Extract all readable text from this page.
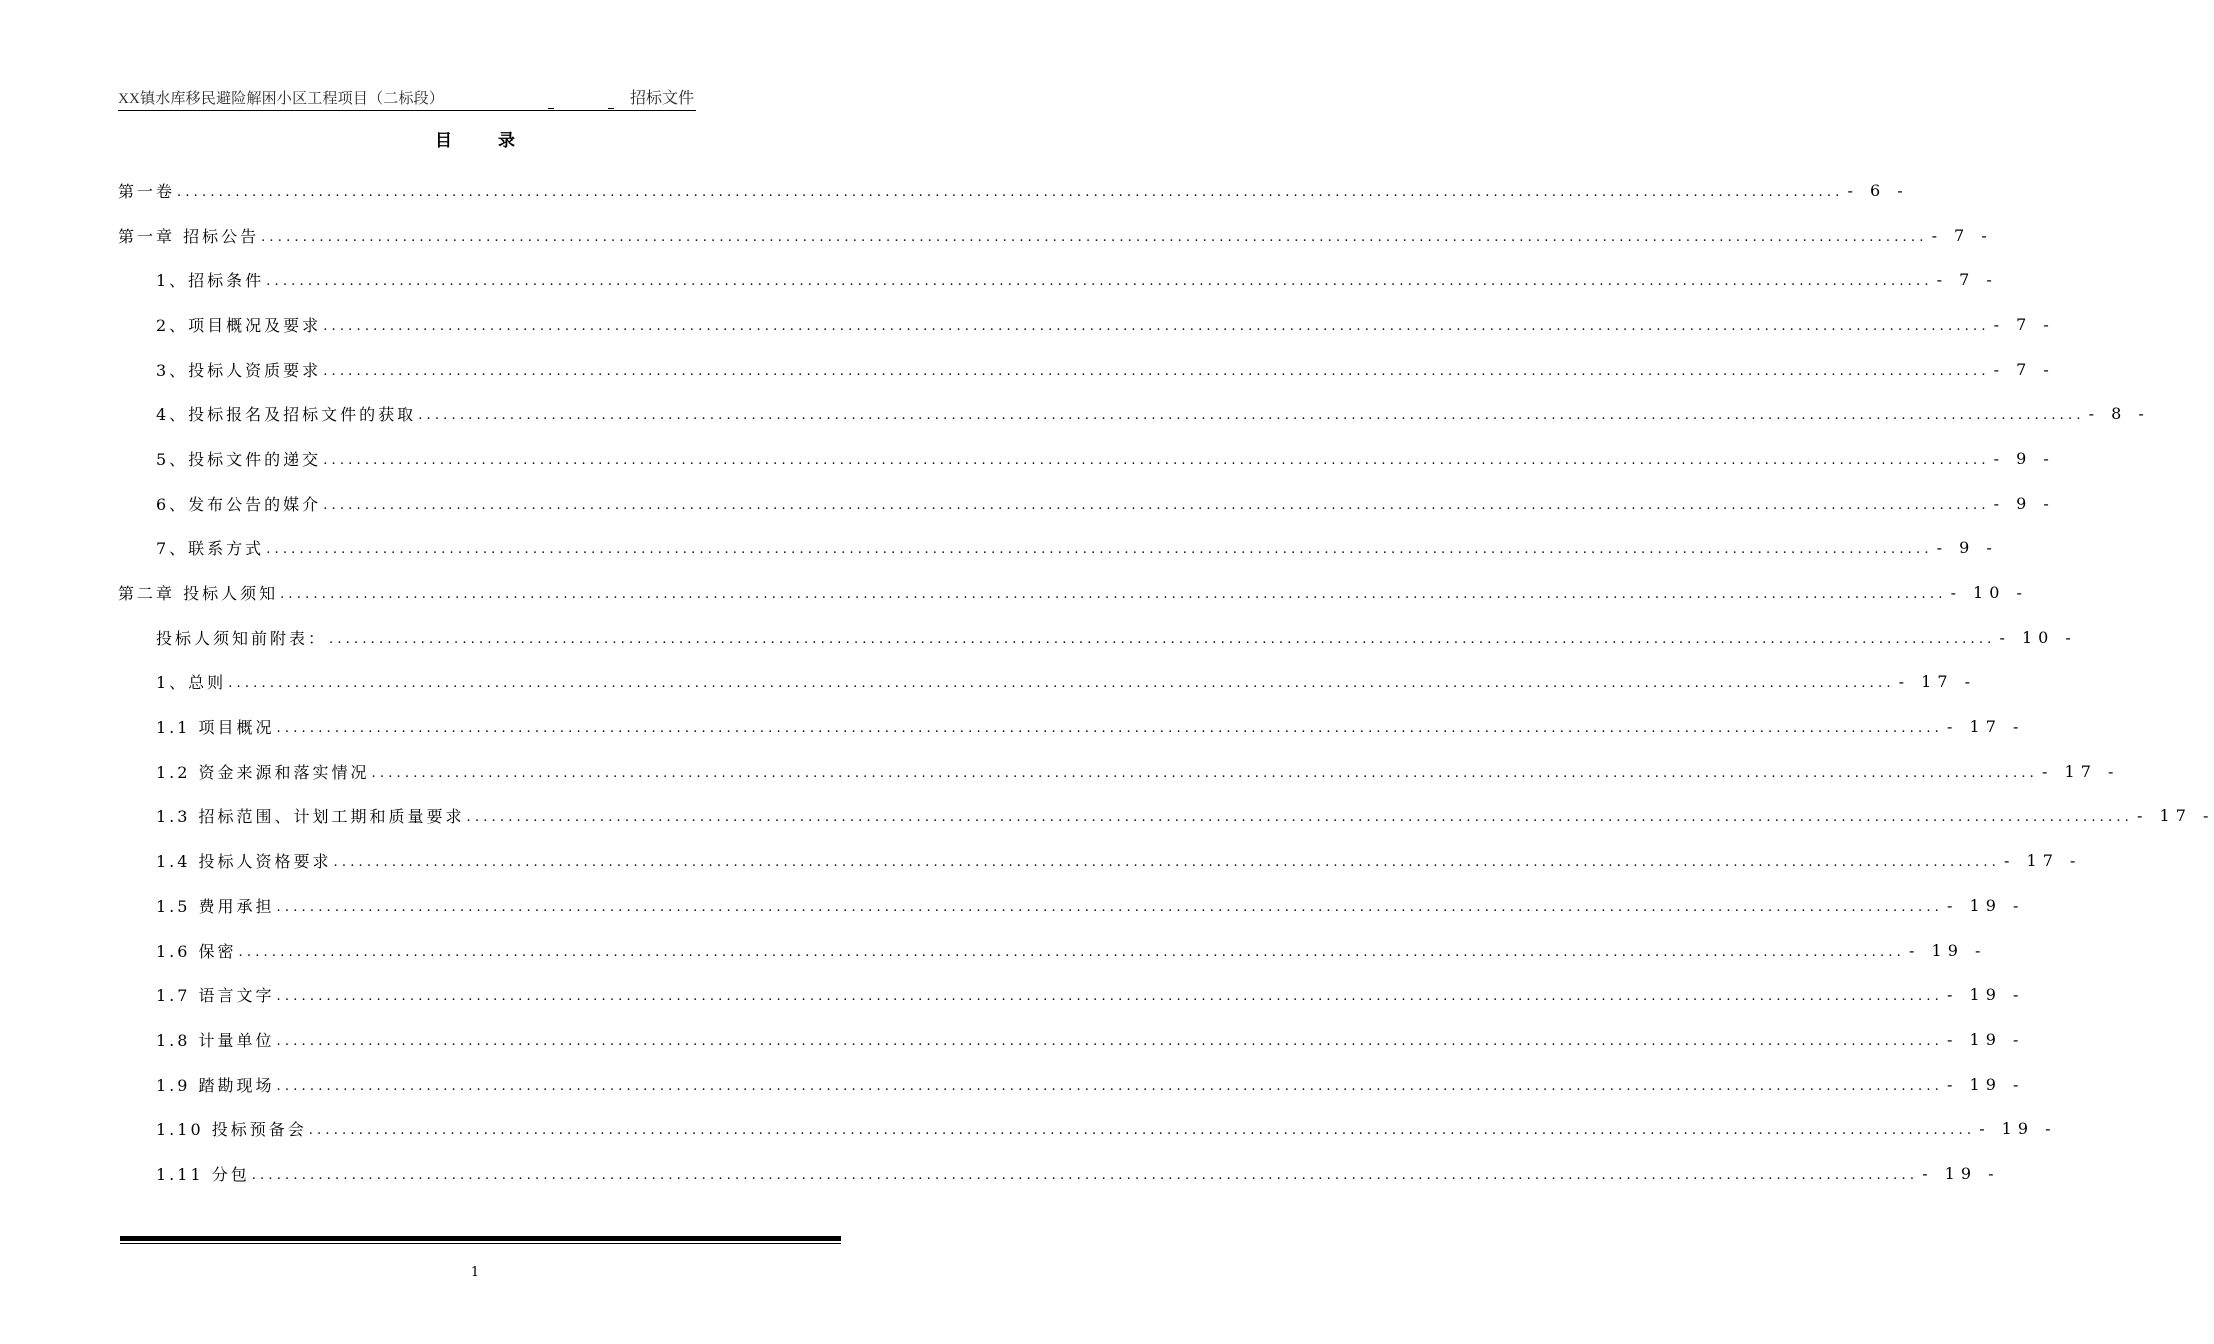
XX镇水库移民避险解困小区工程项目（二标段）	招标文件
目 录
第一卷 ........................................................................................................................................................................................................ - 6 -
第一章 招标公告 ........................................................................................................................................................................................................ - 7 -
1、招标条件 ........................................................................................................................................................................................................ - 7 -
2、项目概况及要求 ........................................................................................................................................................................................................ - 7 -
3、投标人资质要求 ........................................................................................................................................................................................................ - 7 -
4、投标报名及招标文件的获取 ........................................................................................................................................................................................................ - 8 -
5、投标文件的递交 ........................................................................................................................................................................................................ - 9 -
6、发布公告的媒介 ........................................................................................................................................................................................................ - 9 -
7、联系方式 ........................................................................................................................................................................................................ - 9 -
第二章 投标人须知 ........................................................................................................................................................................................................ - 10 -
投标人须知前附表： ........................................................................................................................................................................................................ - 10 -
1、总则 ........................................................................................................................................................................................................ - 17 -
1.1 项目概况 ........................................................................................................................................................................................................ - 17 -
1.2 资金来源和落实情况 ........................................................................................................................................................................................................ - 17 -
1.3 招标范围、计划工期和质量要求 ........................................................................................................................................................................................................ - 17 -
1.4 投标人资格要求 ........................................................................................................................................................................................................ - 17 -
1.5 费用承担 ........................................................................................................................................................................................................ - 19 -
1.6 保密 ........................................................................................................................................................................................................ - 19 -
1.7 语言文字 ........................................................................................................................................................................................................ - 19 -
1.8 计量单位 ........................................................................................................................................................................................................ - 19 -
1.9 踏勘现场 ........................................................................................................................................................................................................ - 19 -
1.10 投标预备会 ........................................................................................................................................................................................................ - 19 -
1.11 分包 ........................................................................................................................................................................................................ - 19 -
1
